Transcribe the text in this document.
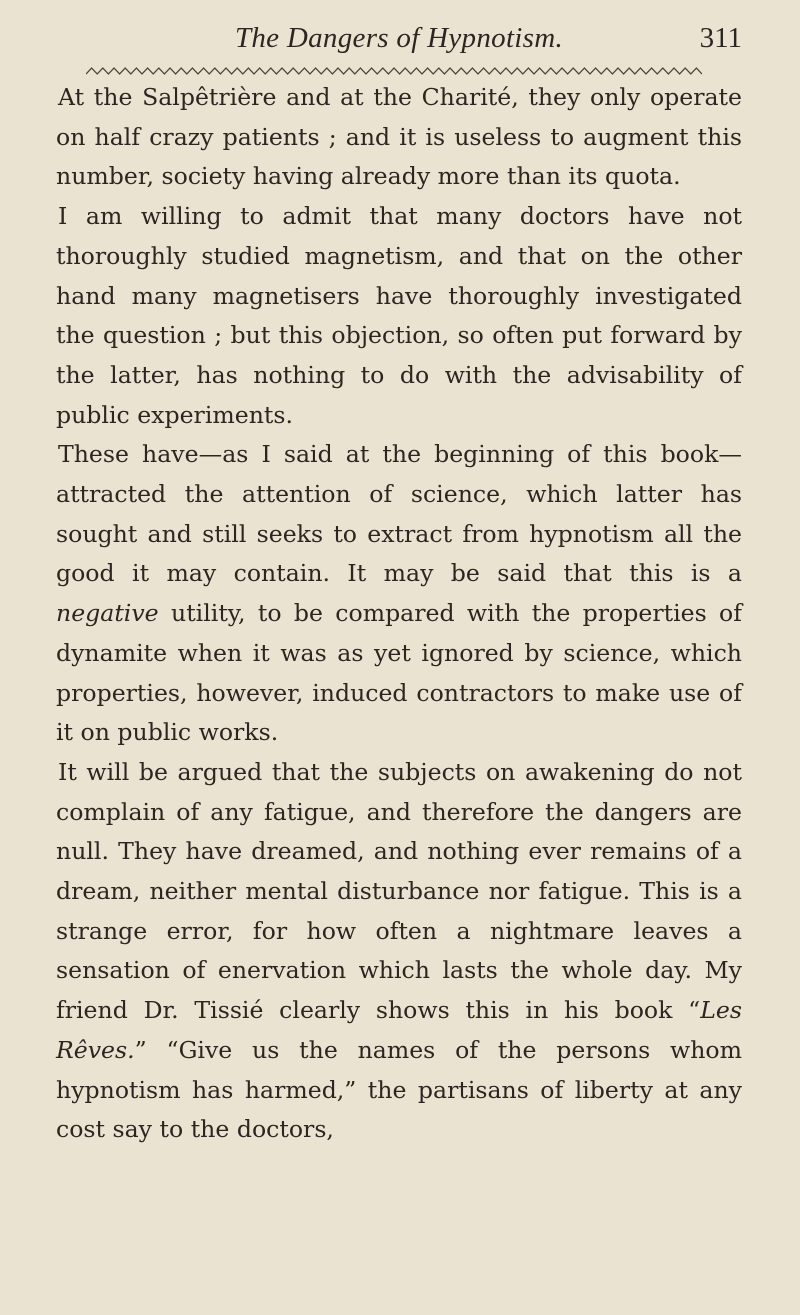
The Dangers of Hypnotism.	311

At the Salpêtrière and at the Charité, they only operate on half crazy patients ; and it is useless to augment this number, society having already more than its quota.

I am willing to admit that many doctors have not thoroughly studied magnetism, and that on the other hand many magnetisers have thoroughly investigated the question ; but this objection, so often put forward by the latter, has nothing to do with the advisability of public experiments.

These have—as I said at the beginning of this book—attracted the attention of science, which latter has sought and still seeks to extract from hypnotism all the good it may contain. It may be said that this is a negative utility, to be compared with the properties of dynamite when it was as yet ignored by science, which properties, however, induced contractors to make use of it on public works.

It will be argued that the subjects on awakening do not complain of any fatigue, and therefore the dangers are null. They have dreamed, and nothing ever remains of a dream, neither mental disturbance nor fatigue. This is a strange error, for how often a nightmare leaves a sensation of enervation which lasts the whole day. My friend Dr. Tissié clearly shows this in his book “Les Rêves.” “Give us the names of the persons whom hypnotism has harmed,” the partisans of liberty at any cost say to the doctors,
